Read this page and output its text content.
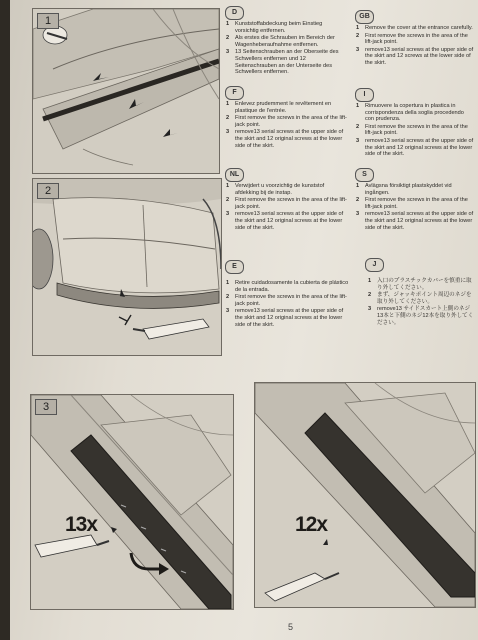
1
2
3
13x	12x
D
1	Kunststoffabdeckung beim Einstieg vorsichtig entfernen.
2	Als erstes die Schrauben im Bereich der Wagenheberaufnahme entfernen.
3	13 Seitenschrauben an der Oberseite des Schwellers entfernen und 12 Seitenschrauben an der Unterseite des Schwellers entfernen.
GB
1	Remove the cover at the entrance carefully.
2	First remove the screws in the area of the lift-jack point.
3	remove13 serial screws at the upper side of the skirt and 12 screws at the lower side of the skirt.
F
1	Enlevez prudemment le revêtement en plastique de l'entrée.
2	First remove the screws in the area of the lift-jack point.
3	remove13 serial screws at the upper side of the skirt and 12 original screws at the lower side of the skirt.
I
1	Rimuovere la copertura in plastica in corrispondenza della soglia procedendo con prudenza.
2	First remove the screws in the area of the lift-jack point.
3	remove13 serial screws at the upper side of the skirt and 12 original screws at the lower side of the skirt.
NL
1	Verwijdert u voorzichtig de kunststof afdekking bij de instap.
2	First remove the screws in the area of the lift-jack point.
3	remove13 serial screws at the upper side of the skirt and 12 original screws at the lower side of the skirt.
S
1	Avlägsna försiktigt plastskyddet vid ingången.
2	First remove the screws in the area of the lift-jack point.
3	remove13 serial screws at the upper side of the skirt and 12 original screws at the lower side of the skirt.
E
1	Retire cuidadosamente la cubierta de plástico de la entrada.
2	First remove the screws in the area of the lift-jack point.
3	remove13 serial screws at the upper side of the skirt and 12 original screws at the lower side of the skirt.
J
1	入口のプラスチックカバーを慎重に取り外してください。
2	まず、ジャッキポイント周辺のネジを取り外してください。
3	remove13 サイドスカート上側のネジ13本と下側のネジ12本を取り外してください。
5
